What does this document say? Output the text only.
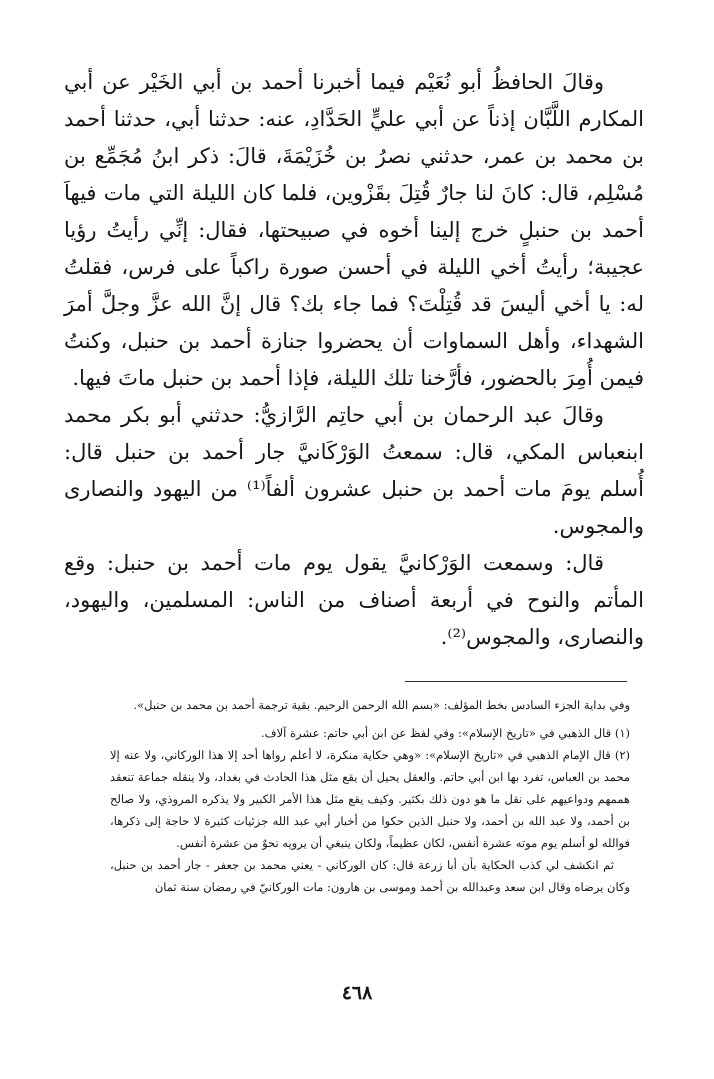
وقالَ الحافظُ أبو نُعَيْم فيما أخبرنا أحمد بن أبي الخَيْر عن أبي المكارم اللَّبَّان إذناً عن أبي عليٍّ الحَدَّادِ، عنه: حدثنا أبي، حدثنا أحمد بن محمد بن عمر، حدثني نصرُ بن خُزَيْمَةَ، قالَ: ذكر ابنُ مُجَمِّع بن مُسْلِم، قال: كانَ لنا جارٌ قُتِلَ بقَزْوين، فلما كان الليلة التي مات فيهاَ أحمد بن حنبلٍ خرج إلينا أخوه في صبيحتها، فقال: إنِّي رأيتُ رؤيا عجيبة؛ رأيتُ أخي الليلة في أحسن صورة راكباً على فرس، فقلتُ له: يا أخي أليسَ قد قُتِلْتَ؟ فما جاء بك؟ قال إنَّ الله عزَّ وجلَّ أمرَ الشهداء، وأهل السماوات أن يحضروا جنازة أحمد بن حنبل، وكنتُ فيمن أُمِرَ بالحضور، فأرَّخنا تلك الليلة، فإذا أحمد بن حنبل ماتَ فيها.

وقالَ عبد الرحمان بن أبي حاتِم الرَّازيُّ: حدثني أبو بكر محمد ابنعباس المكي، قال: سمعتُ الوَرْكَانيَّ جار أحمد بن حنبل قال: أُسلم يومَ مات أحمد بن حنبل عشرون ألفاً⁽¹⁾ من اليهود والنصارى والمجوس.

قال: وسمعت الوَرْكانيَّ يقول يوم مات أحمد بن حنبل: وقع المأتم والنوح في أربعة أصناف من الناس: المسلمين، واليهود، والنصارى، والمجوس⁽²⁾.

وفي بداية الجزء السادس بخط المؤلف: «بسم الله الرحمن الرحيم. بقية ترجمة أحمد بن محمد بن حنبل».

(١) قال الذهبي في «تاريخ الإسلام»: وفي لفظ عن ابن أبي حاتم: عشرة آلاف.

(٢) قال الإمام الذهبي في «تاريخ الإسلام»: «وهي حكاية منكرة، لا أعلم رواها أحد إلا هذا الوركاني، ولا عنه إلا محمد بن العباس، تفرد بها ابن أبي حاتم. والعقل يحيل أن يقع مثل هذا الحادث في بغداد، ولا ينقله جماعة تنعقد هممهم ودواعيهم على نقل ما هو دون ذلك بكثير. وكيف يقع مثل هذا الأمر الكبير ولا يذكره المروذي، ولا صالح بن أحمد، ولا عبد الله بن أحمد، ولا حنبل الذين حكوا من أخبار أبي عبد الله جزئيات كثيرة لا حاجة إلى ذكرها، فوالله لو أسلم يوم موته عشرة أنفس، لكان عظيماً، ولكان ينبغي أن يرويه نحوٌ من عشرة أنفس.

ثم انكشف لي كذب الحكاية بأن أبا زرعة قال: كان الوركاني - يعني محمد بن جعفر - جار أحمد بن حنبل، وكان يرضاه وقال ابن سعد وعبدالله بن أحمد وموسى بن هارون: مات الوركانيّ في رمضان سنة ثمان

٤٦٨
